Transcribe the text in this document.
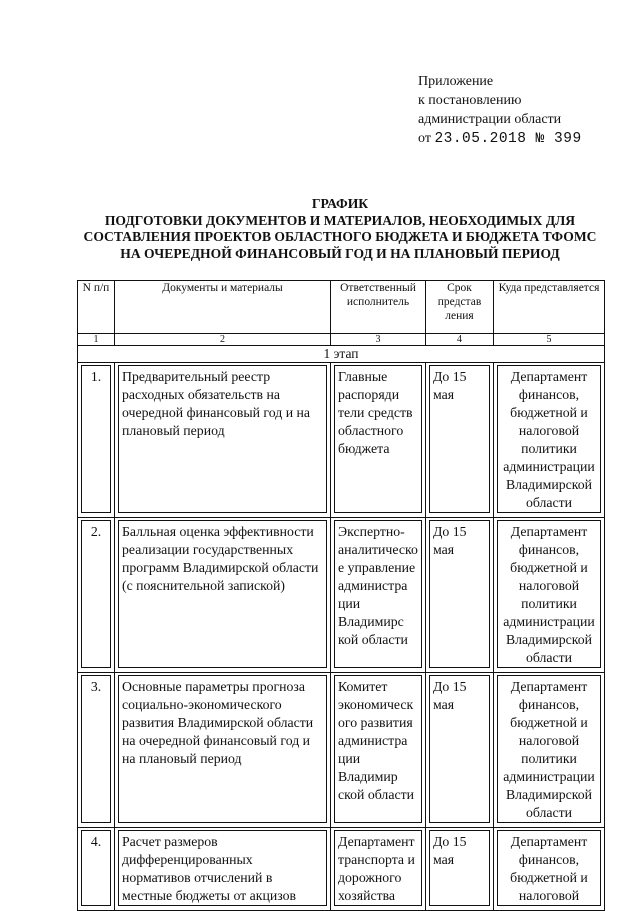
Приложение
к постановлению
администрации области
от 23.05.2018 № 399
ГРАФИК
ПОДГОТОВКИ ДОКУМЕНТОВ И МАТЕРИАЛОВ, НЕОБХОДИМЫХ ДЛЯ
СОСТАВЛЕНИЯ ПРОЕКТОВ ОБЛАСТНОГО БЮДЖЕТА И БЮДЖЕТА ТФОМС
НА ОЧЕРЕДНОЙ ФИНАНСОВЫЙ ГОД И НА ПЛАНОВЫЙ ПЕРИОД
N п/п	Документы и материалы	Ответственный исполнитель	Срок представ ления	Куда представляется
1	2	3	4	5
1 этап				

1.	Предварительный реестр расходных обязательств на очередной финансовый год и на плановый период	Главные распоряди тели средств областного бюджета	До 15 мая	Департамент финансов, бюджетной и налоговой политики администрации Владимирской области

2.	Балльная оценка эффективности реализации государственных программ Владимирской области (с пояснительной запиской)	Экспертно-аналитическо е управление администра ции Владимирс кой области	До 15 мая	Департамент финансов, бюджетной и налоговой политики администрации Владимирской области

3.	Основные параметры прогноза социально-экономического развития Владимирской области на очередной финансовый год и на плановый период	Комитет экономическ ого развития администра ции Владимир ской области	До 15 мая	Департамент финансов, бюджетной и налоговой политики администрации Владимирской области

4.	Расчет размеров дифференцированных нормативов отчислений в местные бюджеты от акцизов	Департамент транспорта и дорожного хозяйства	До 15 мая	Департамент финансов, бюджетной и налоговой
